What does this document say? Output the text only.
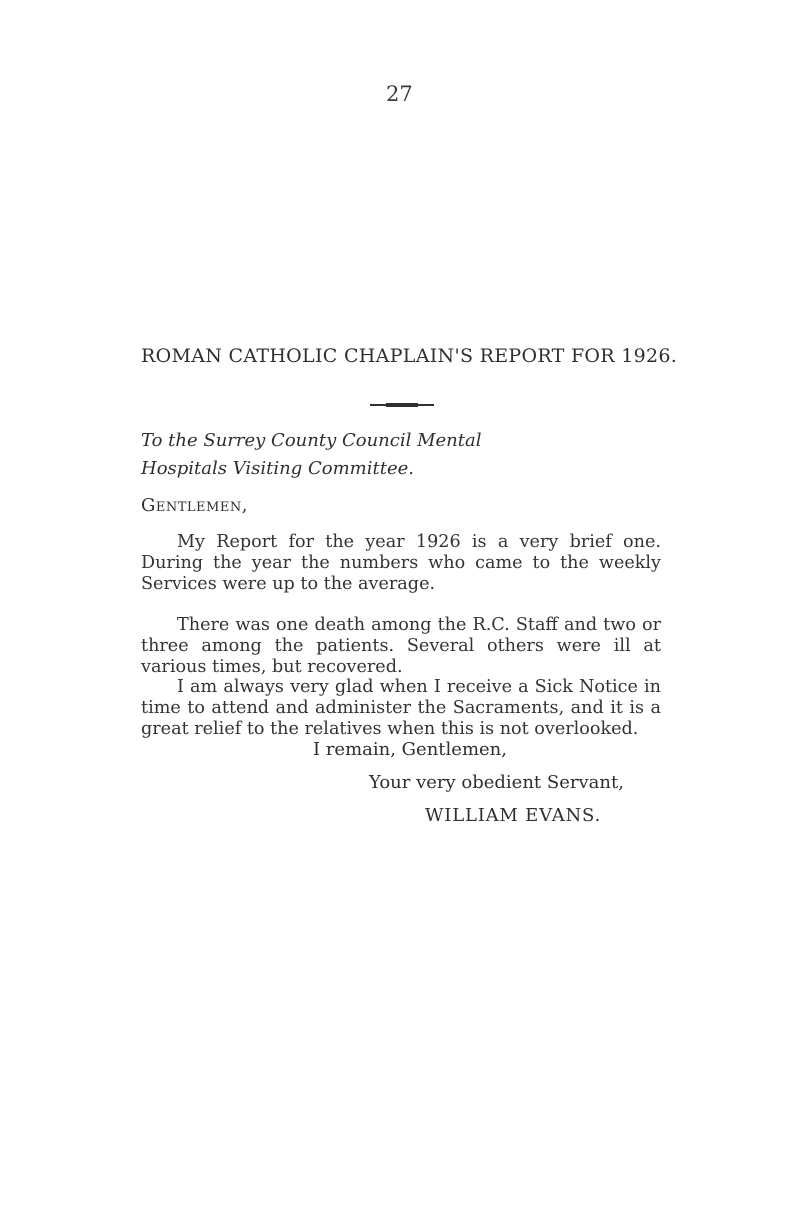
27
ROMAN CATHOLIC CHAPLAIN'S REPORT FOR 1926.
To the Surrey County Council Mental
Hospitals Visiting Committee.
Gentlemen,
My Report for the year 1926 is a very brief one. During the year the numbers who came to the weekly Services were up to the average.
There was one death among the R.C. Staff and two or three among the patients. Several others were ill at various times, but recovered.
I am always very glad when I receive a Sick Notice in time to attend and administer the Sacraments, and it is a great relief to the relatives when this is not overlooked.
I remain, Gentlemen,
Your very obedient Servant,
WILLIAM EVANS.
